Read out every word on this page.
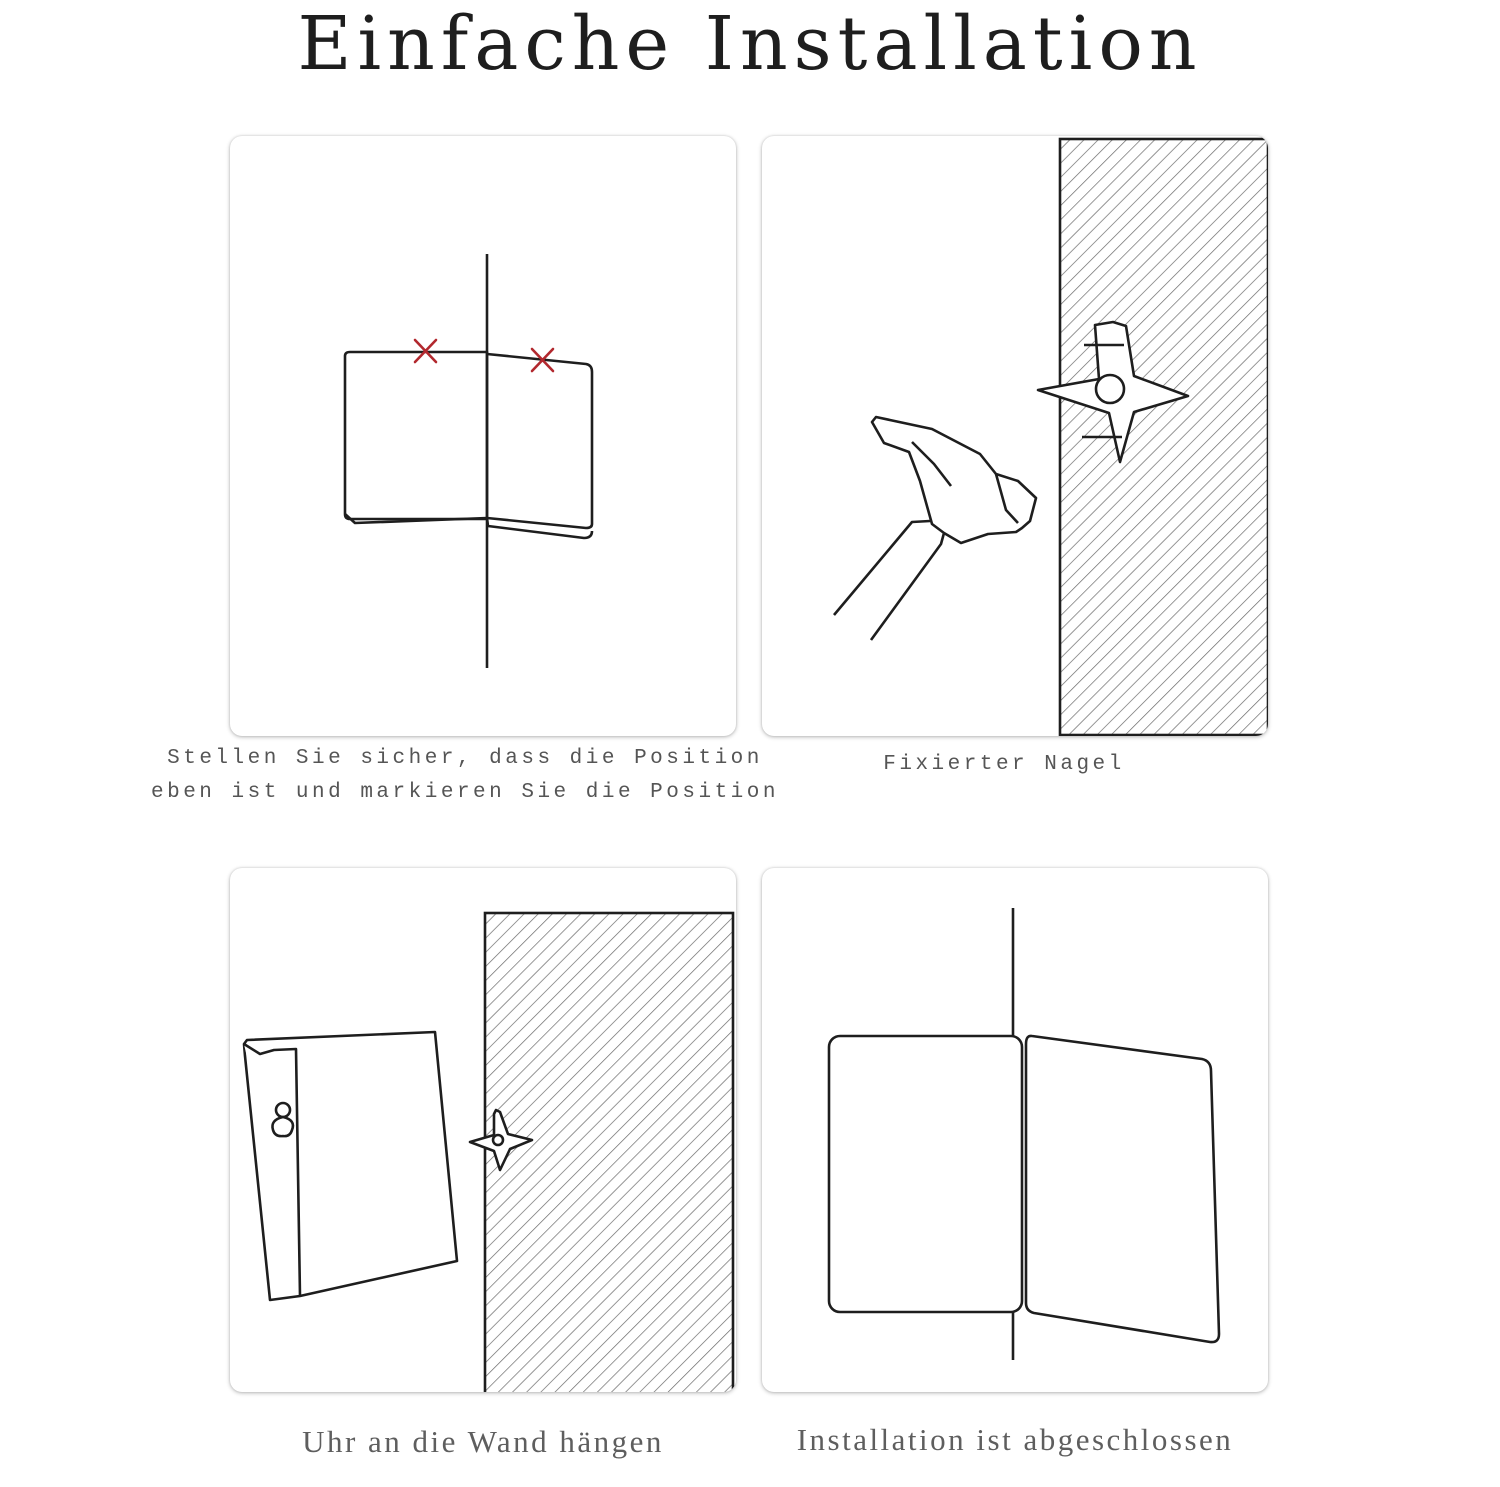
Einfache Installation
Stellen Sie sicher, dass die Position eben ist und markieren Sie die Position
Fixierter Nagel
Uhr an die Wand hängen	Installation ist abgeschlossen
